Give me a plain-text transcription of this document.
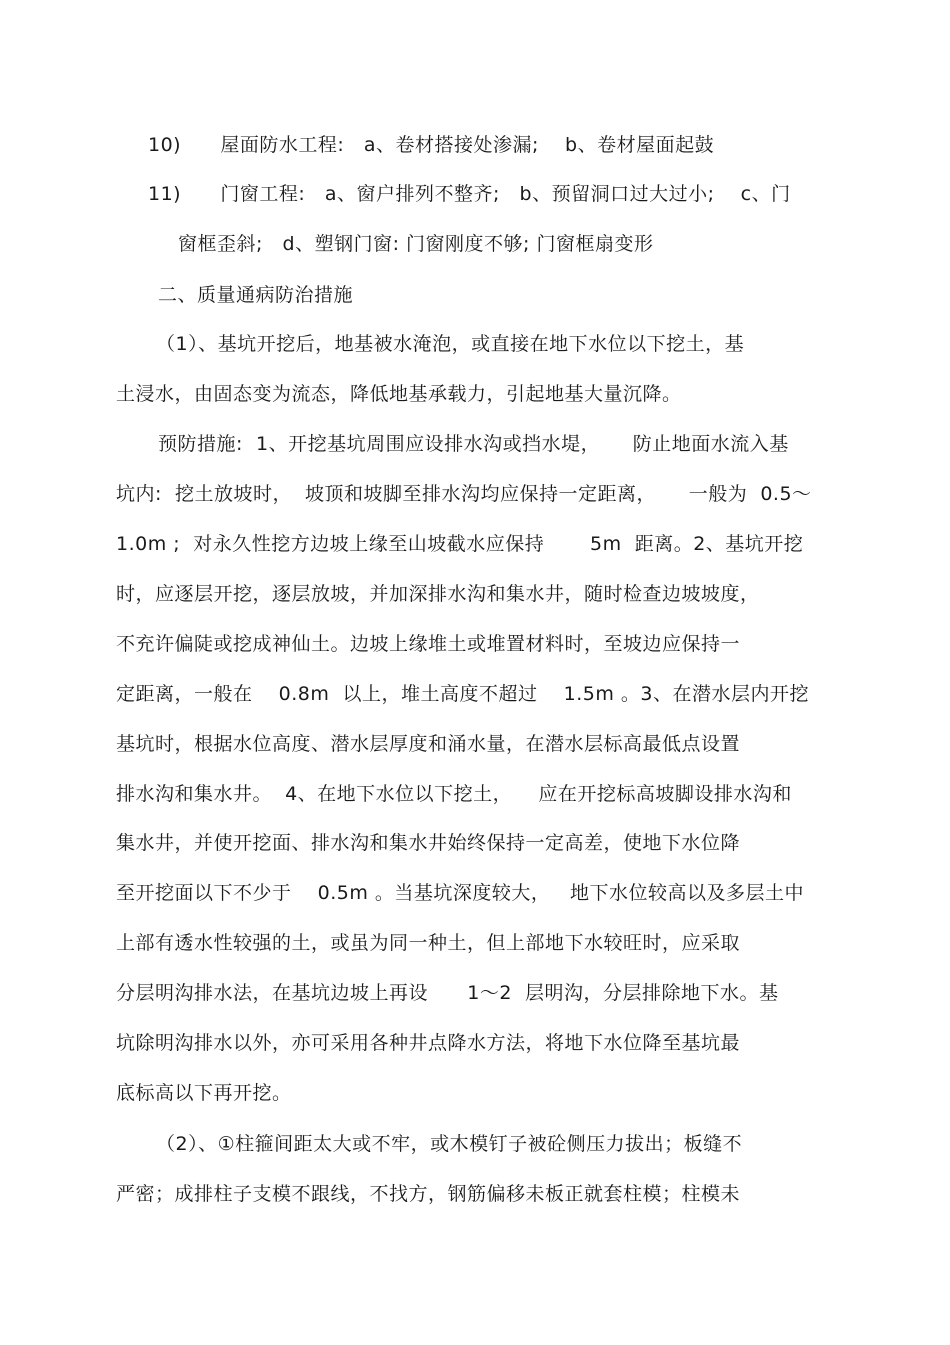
10)      屋面防水工程:   a、卷材搭接处渗漏;    b、卷材屋面起鼓
11)      门窗工程:   a、窗户排列不整齐;   b、预留洞口过大过小;    c、门
窗框歪斜;   d、塑钢门窗: 门窗刚度不够; 门窗框扇变形
二、质量通病防治措施
（1）、基坑开挖后，地基被水淹泡，或直接在地下水位以下挖土，基
土浸水，由固态变为流态，降低地基承载力，引起地基大量沉降。
预防措施:  1、开挖基坑周围应设排水沟或挡水堤，     防止地面水流入基
坑内:  挖土放坡时，  坡顶和坡脚至排水沟均应保持一定距离，     一般为  0.5～
1.0m ;  对永久性挖方边坡上缘至山坡截水应保持       5m  距离。2、基坑开挖
时，应逐层开挖，逐层放坡，并加深排水沟和集水井，随时检查边坡坡度，
不充许偏陡或挖成神仙土。边坡上缘堆土或堆置材料时，至坡边应保持一
定距离，一般在    0.8m  以上，堆土高度不超过    1.5m 。3、在潜水层内开挖
基坑时，根据水位高度、潜水层厚度和涌水量，在潜水层标高最低点设置
排水沟和集水井。  4、在地下水位以下挖土，    应在开挖标高坡脚设排水沟和
集水井，并使开挖面、排水沟和集水井始终保持一定高差，使地下水位降
至开挖面以下不少于    0.5m 。当基坑深度较大，   地下水位较高以及多层土中
上部有透水性较强的土，或虽为同一种土，但上部地下水较旺时，应采取
分层明沟排水法，在基坑边坡上再设      1～2  层明沟，分层排除地下水。基
坑除明沟排水以外，亦可采用各种井点降水方法，将地下水位降至基坑最
底标高以下再开挖。
（2）、①柱箍间距太大或不牢，或木模钉子被砼侧压力拔出；板缝不
严密；成排柱子支模不跟线，不找方，钢筋偏移未板正就套柱模；柱模未
